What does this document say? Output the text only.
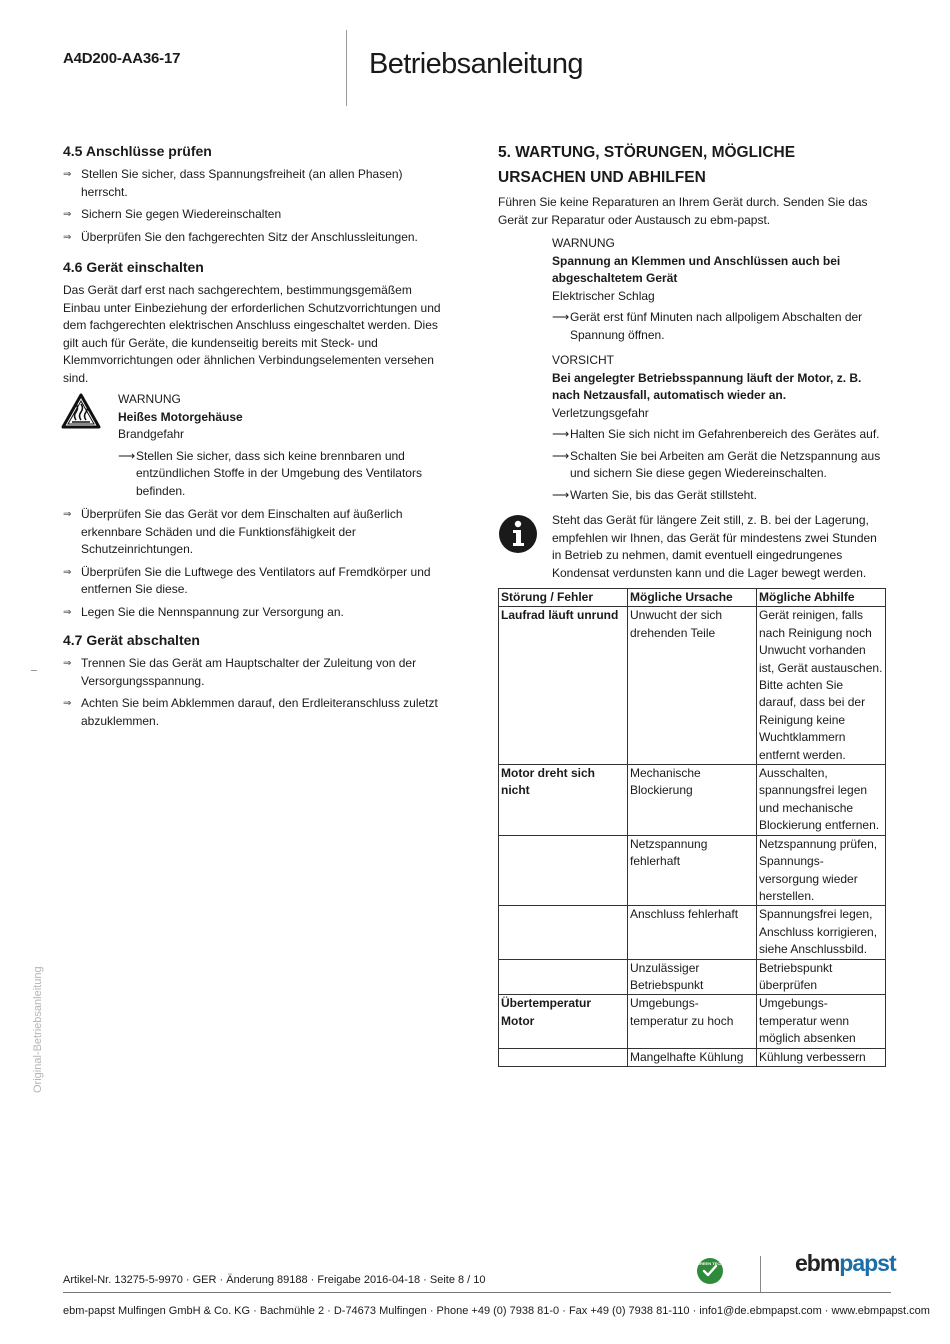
A4D200-AA36-17	Betriebsanleitung
Original-Betriebsanleitung
4.5 Anschlüsse prüfen
⇒ Stellen Sie sicher, dass Spannungsfreiheit (an allen Phasen) herrscht.
⇒ Sichern Sie gegen Wiedereinschalten
⇒ Überprüfen Sie den fachgerechten Sitz der Anschlussleitungen.
4.6 Gerät einschalten

Das Gerät darf erst nach sachgerechtem, bestimmungsgemäßem Einbau unter Einbeziehung der erforderlichen Schutzvorrichtungen und dem fachgerechten elektrischen Anschluss eingeschaltet werden. Dies gilt auch für Geräte, die kundenseitig bereits mit Steck- und Klemmvorrichtungen oder ähnlichen Verbindungselementen versehen sind.

WARNUNG
Heißes Motorgehäuse
Brandgefahr
⟶ Stellen Sie sicher, dass sich keine brennbaren und entzündlichen Stoffe in der Umgebung des Ventilators befinden.
⇒ Überprüfen Sie das Gerät vor dem Einschalten auf äußerlich erkennbare Schäden und die Funktionsfähigkeit der Schutzeinrichtungen.
⇒ Überprüfen Sie die Luftwege des Ventilators auf Fremdkörper und entfernen Sie diese.
⇒ Legen Sie die Nennspannung zur Versorgung an.
4.7 Gerät abschalten
⇒ Trennen Sie das Gerät am Hauptschalter der Zuleitung von der Versorgungsspannung.
⇒ Achten Sie beim Abklemmen darauf, den Erdleiteranschluss zuletzt abzuklemmen.
5. WARTUNG, STÖRUNGEN, MÖGLICHE
URSACHEN UND ABHILFEN

Führen Sie keine Reparaturen an Ihrem Gerät durch. Senden Sie das Gerät zur Reparatur oder Austausch zu ebm-papst.

WARNUNG
Spannung an Klemmen und Anschlüssen auch bei abgeschaltetem Gerät
Elektrischer Schlag
⟶ Gerät erst fünf Minuten nach allpoligem Abschalten der Spannung öffnen.
VORSICHT
Bei angelegter Betriebsspannung läuft der Motor, z. B. nach Netzausfall, automatisch wieder an.
Verletzungsgefahr
⟶ Halten Sie sich nicht im Gefahrenbereich des Gerätes auf.
⟶ Schalten Sie bei Arbeiten am Gerät die Netzspannung aus und sichern Sie diese gegen Wiedereinschalten.
⟶ Warten Sie, bis das Gerät stillsteht.
Steht das Gerät für längere Zeit still, z. B. bei der Lagerung, empfehlen wir Ihnen, das Gerät für mindestens zwei Stunden in Betrieb zu nehmen, damit eventuell eingedrungenes Kondensat verdunsten kann und die Lager bewegt werden.
Störung / Fehler	Mögliche Ursache	Mögliche Abhilfe
Laufrad läuft unrund	Unwucht der sich drehenden Teile	Gerät reinigen, falls nach Reinigung noch Unwucht vorhanden ist, Gerät austauschen. Bitte achten Sie darauf, dass bei der Reinigung keine Wuchtklammern entfernt werden.
Motor dreht sich nicht	Mechanische Blockierung	Ausschalten, spannungsfrei legen und mechanische Blockierung entfernen.
	Netzspannung fehlerhaft	Netzspannung prüfen, Spannungs-versorgung wieder herstellen.
	Anschluss fehlerhaft	Spannungsfrei legen, Anschluss korrigieren, siehe Anschlussbild.
	Unzulässiger Betriebspunkt	Betriebspunkt überprüfen
Übertemperatur Motor	Umgebungs-temperatur zu hoch	Umgebungs-temperatur wenn möglich absenken
	Mangelhafte Kühlung	Kühlung verbessern
Artikel-Nr. 13275-5-9970 · GER · Änderung 89188 · Freigabe 2016-04-18 · Seite 8 / 10
GREEN TECH	ebmpapst
ebm-papst Mulfingen GmbH & Co. KG · Bachmühle 2 · D-74673 Mulfingen · Phone +49 (0) 7938 81-0 · Fax +49 (0) 7938 81-110 · info1@de.ebmpapst.com · www.ebmpapst.com
